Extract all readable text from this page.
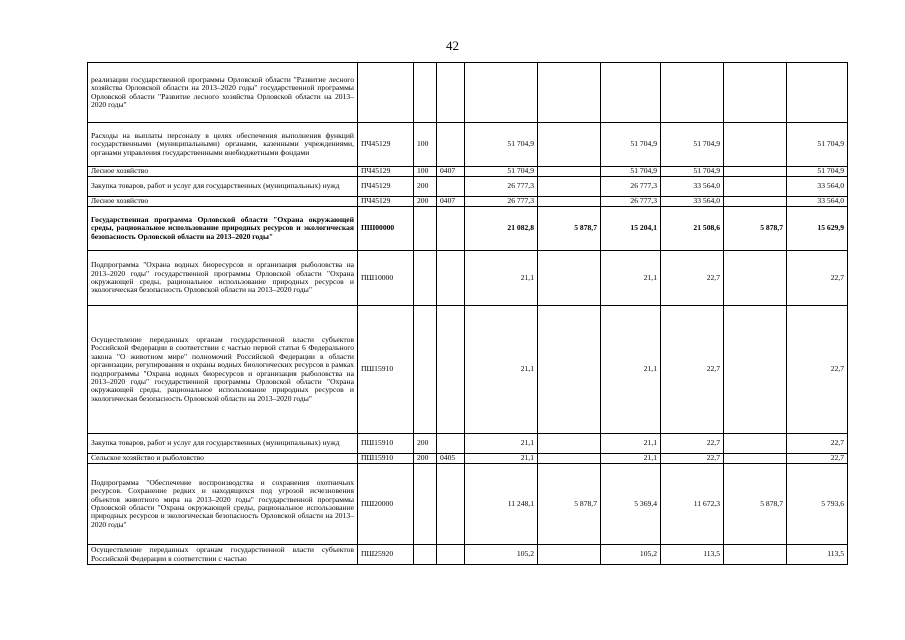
42
реализации государственной программы Орловской области "Развитие лесного хозяйства Орловской области на 2013–2020 годы" государственной программы Орловской области "Развитие лесного хозяйства Орловской области на 2013–2020 годы"									
Расходы на выплаты персоналу в целях обеспечения выполнения функций государственными (муниципальными) органами, казенными учреждениями, органами управления государственными внебюджетными фондами	ПЧ45129	100		51 704,9		51 704,9	51 704,9		51 704,9
Лесное хозяйство	ПЧ45129	100	0407	51 704,9		51 704,9	51 704,9		51 704,9
Закупка товаров, работ и услуг для государственных (муниципальных) нужд	ПЧ45129	200		26 777,3		26 777,3	33 564,0		33 564,0
Лесное хозяйство	ПЧ45129	200	0407	26 777,3		26 777,3	33 564,0		33 564,0
Государственная программа Орловской области "Охрана окружающей среды, рациональное использование природных ресурсов и экологическая безопасность Орловской области на 2013–2020 годы"	ПШ00000			21 082,8	5 878,7	15 204,1	21 508,6	5 878,7	15 629,9
Подпрограмма "Охрана водных биоресурсов и организация рыболовства на 2013–2020 годы" государственной программы Орловской области "Охрана окружающей среды, рациональное использование природных ресурсов и экологическая безопасность Орловской области на 2013–2020 годы"	ПШ10000			21,1		21,1	22,7		22,7
Осуществление переданных органам государственной власти субъектов Российской Федерации в соответствии с частью первой статьи 6 Федерального закона "О животном мире" полномочий Российской Федерации в области организации, регулирования и охраны водных биологических ресурсов в рамках подпрограммы "Охрана водных биоресурсов и организация рыболовства на 2013–2020 годы" государственной программы Орловской области "Охрана окружающей среды, рациональное использование природных ресурсов и экологическая безопасность Орловской области на 2013–2020 годы"	ПШ15910			21,1		21,1	22,7		22,7
Закупка товаров, работ и услуг для государственных (муниципальных) нужд	ПШ15910	200		21,1		21,1	22,7		22,7
Сельское хозяйство и рыболовство	ПШ15910	200	0405	21,1		21,1	22,7		22,7
Подпрограмма "Обеспечение воспроизводства и сохранения охотничьих ресурсов. Сохранение редких и находящихся под угрозой исчезновения объектов животного мира на 2013–2020 годы" государственной программы Орловской области "Охрана окружающей среды, рациональное использование природных ресурсов и экологическая безопасность Орловской области на 2013–2020 годы"	ПШ20000			11 248,1	5 878,7	5 369,4	11 672,3	5 878,7	5 793,6
Осуществление переданных органам государственной власти субъектов Российской Федерации в соответствии с частью	ПШ25920			105,2		105,2	113,5		113,5
